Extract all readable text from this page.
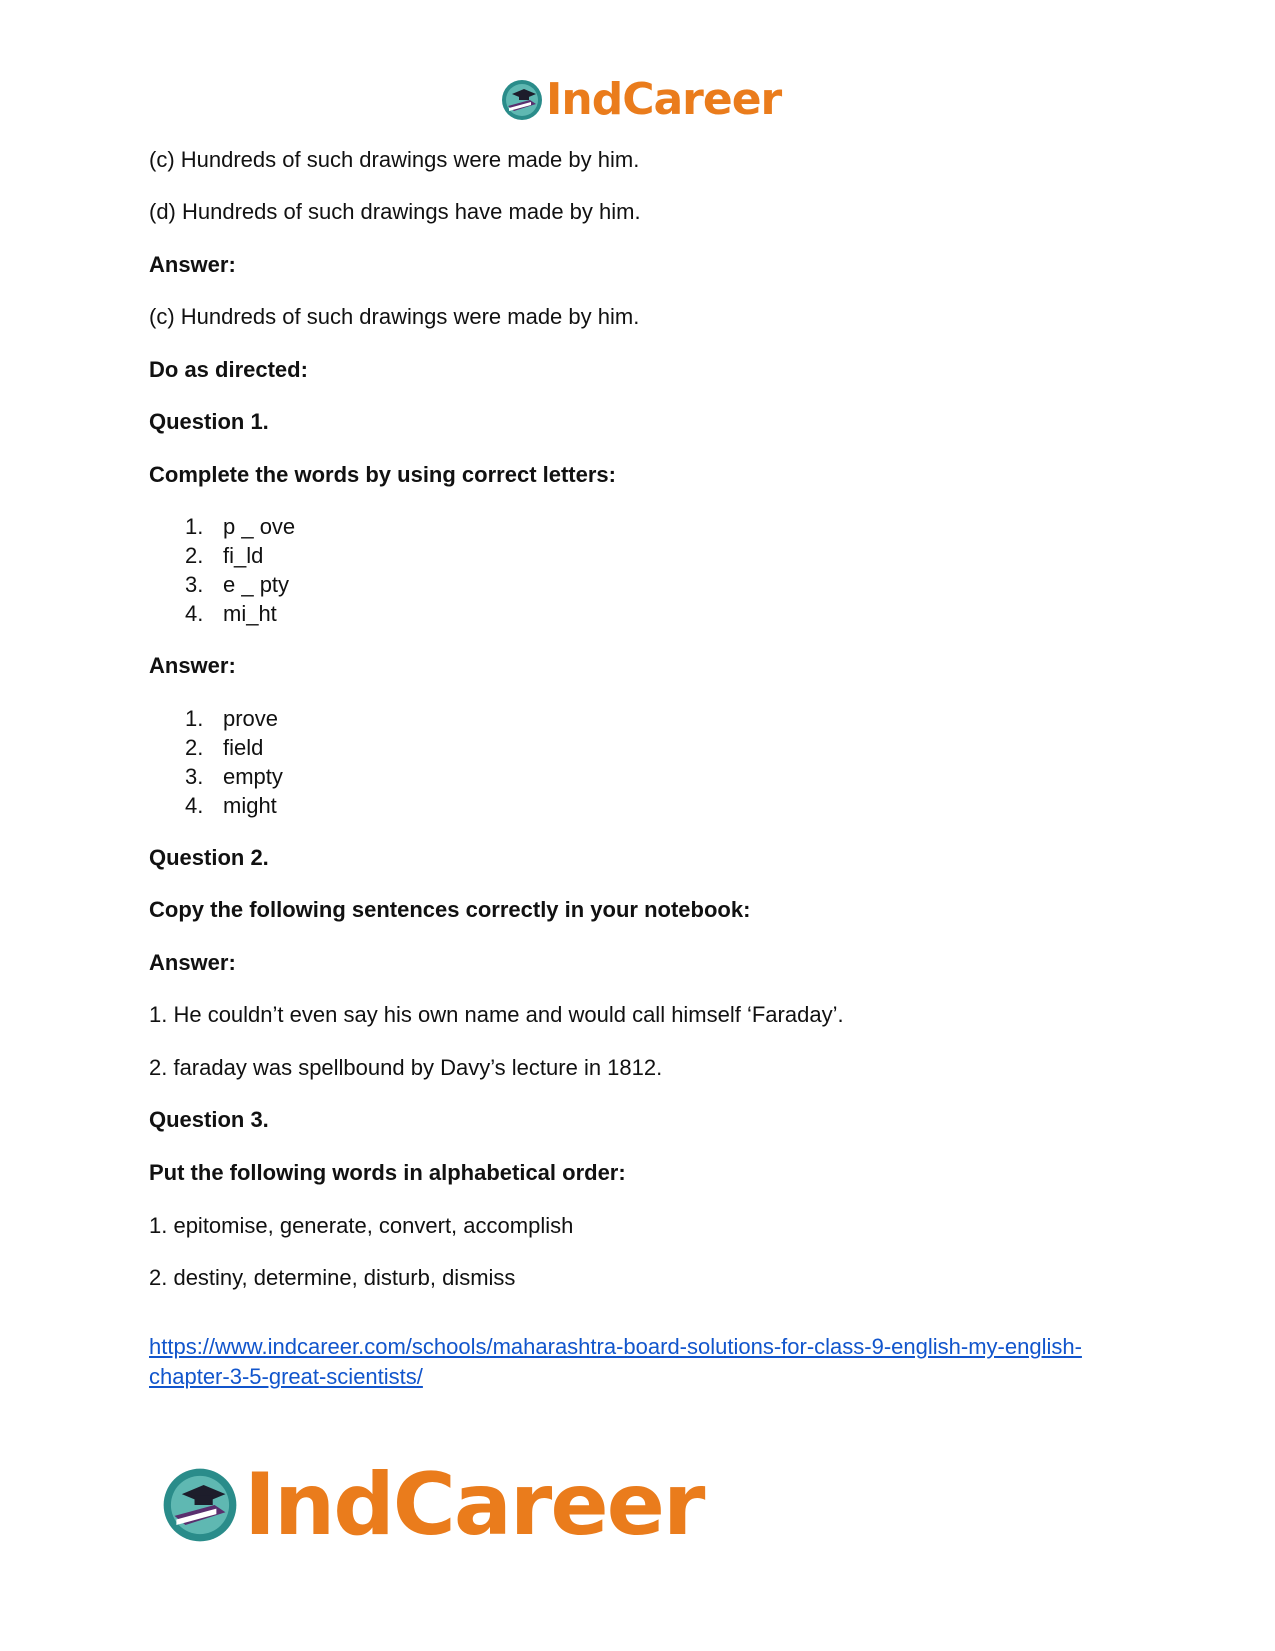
IndCareer
(c) Hundreds of such drawings were made by him.
(d) Hundreds of such drawings have made by him.
Answer:
(c) Hundreds of such drawings were made by him.
Do as directed:
Question 1.
Complete the words by using correct letters:
1. p _ ove
2. fi_ld
3. e _ pty
4. mi_ht
Answer:
1. prove
2. field
3. empty
4. might
Question 2.
Copy the following sentences correctly in your notebook:
Answer:
1. He couldn’t even say his own name and would call himself ‘Faraday’.
2. faraday was spellbound by Davy’s lecture in 1812.
Question 3.
Put the following words in alphabetical order:
1. epitomise, generate, convert, accomplish
2. destiny, determine, disturb, dismiss
https://www.indcareer.com/schools/maharashtra-board-solutions-for-class-9-english-my-english-chapter-3-5-great-scientists/
IndCareer
